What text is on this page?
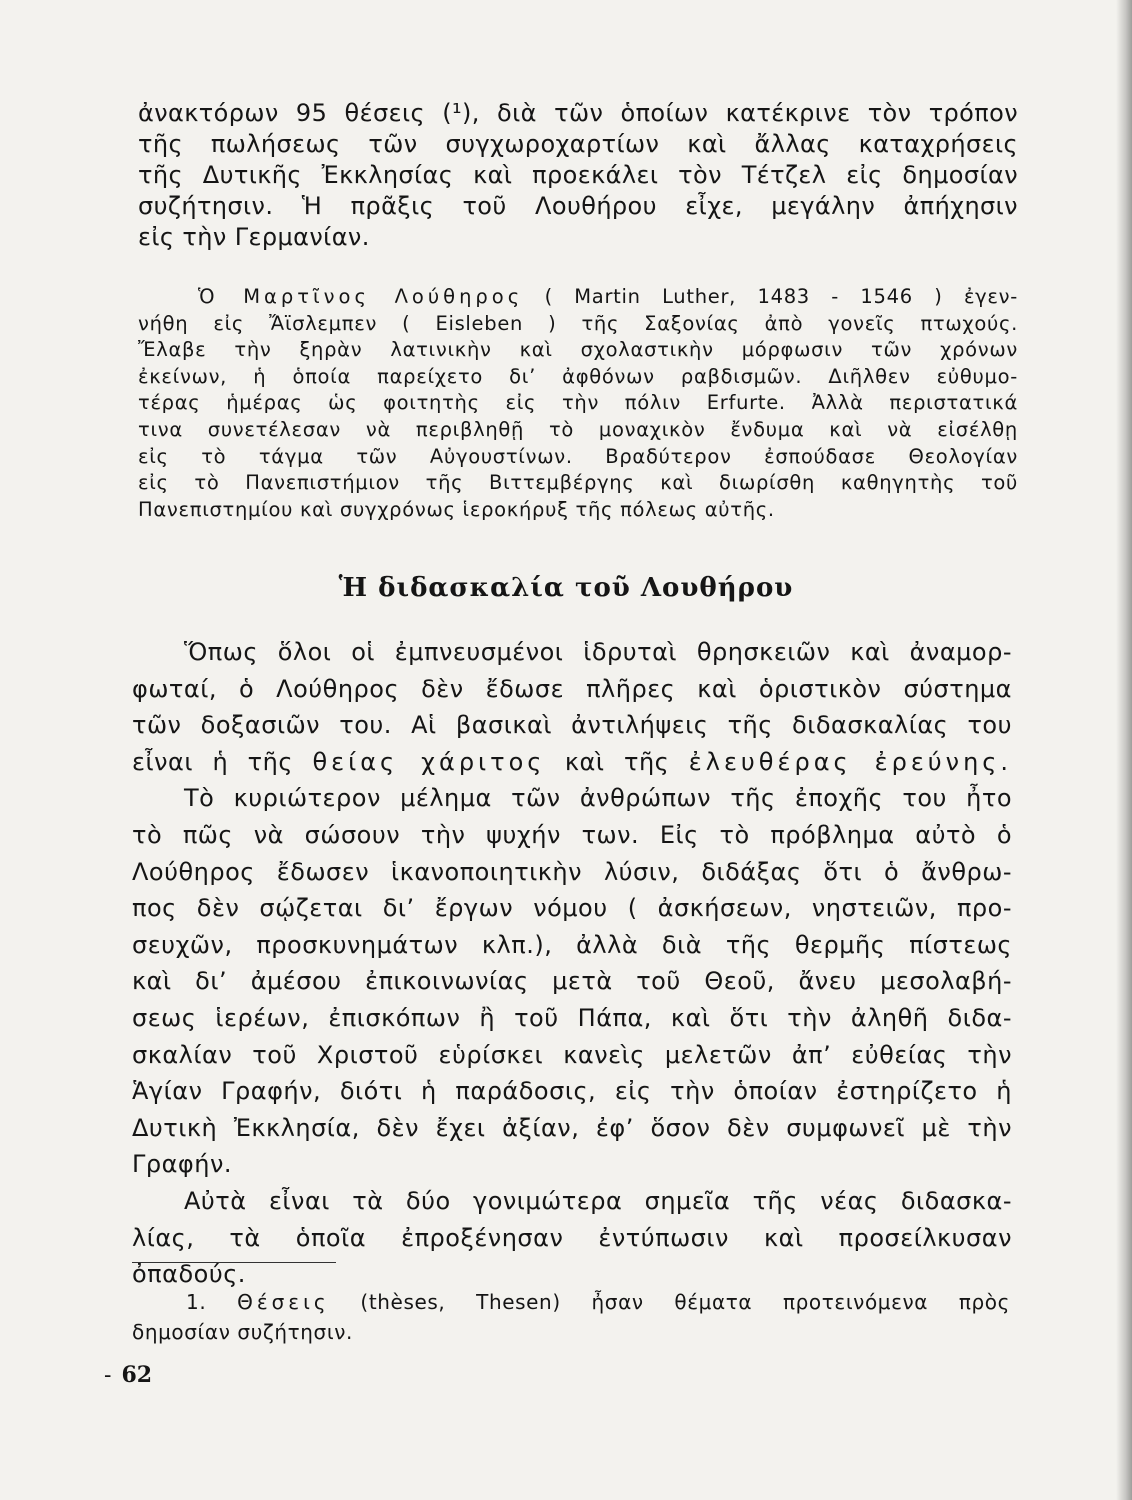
ἀνακτόρων 95 θέσεις (¹), διὰ τῶν ὁποίων κατέκρινε τὸν τρόπον
τῆς πωλήσεως τῶν συγχωροχαρτίων καὶ ἄλλας καταχρήσεις
τῆς Δυτικῆς Ἐκκλησίας καὶ προεκάλει τὸν Τέτζελ εἰς δημοσίαν
συζήτησιν. Ἡ πρᾶξις τοῦ Λουθήρου εἶχε, μεγάλην ἀπήχησιν
εἰς τὴν Γερμανίαν.
Ὁ Μαρτῖνος Λούθηρος ( Martin Luther, 1483 - 1546 ) ἐγεν-
νήθη εἰς Ἄϊσλεμπεν ( Eisleben ) τῆς Σαξονίας ἀπὸ γονεῖς πτωχούς.
Ἔλαβε τὴν ξηρὰν λατινικὴν καὶ σχολαστικὴν μόρφωσιν τῶν χρόνων
ἐκείνων, ἡ ὁποία παρείχετο δι’ ἀφθόνων ραβδισμῶν. Διῆλθεν εὐθυμο-
τέρας ἡμέρας ὡς φοιτητὴς εἰς τὴν πόλιν Erfurte. Ἀλλὰ περιστατικά
τινα συνετέλεσαν νὰ περιβληθῇ τὸ μοναχικὸν ἔνδυμα καὶ νὰ εἰσέλθῃ
εἰς τὸ τάγμα τῶν Αὐγουστίνων. Βραδύτερον ἐσπούδασε Θεολογίαν
εἰς τὸ Πανεπιστήμιον τῆς Βιττεμβέργης καὶ διωρίσθη καθηγητὴς τοῦ
Πανεπιστημίου καὶ συγχρόνως ἱεροκήρυξ τῆς πόλεως αὐτῆς.
Ἡ διδασκαλία τοῦ Λουθήρου
Ὅπως ὅλοι οἱ ἐμπνευσμένοι ἱδρυταὶ θρησκειῶν καὶ ἀναμορ-
φωταί, ὁ Λούθηρος δὲν ἔδωσε πλῆρες καὶ ὁριστικὸν σύστημα
τῶν δοξασιῶν του. Αἱ βασικαὶ ἀντιλήψεις τῆς διδασκαλίας του
εἶναι ἡ τῆς θείας χάριτος καὶ τῆς ἐλευθέρας ἐρεύνης.
Τὸ κυριώτερον μέλημα τῶν ἀνθρώπων τῆς ἐποχῆς του ἦτο
τὸ πῶς νὰ σώσουν τὴν ψυχήν των. Εἰς τὸ πρόβλημα αὐτὸ ὁ
Λούθηρος ἔδωσεν ἱκανοποιητικὴν λύσιν, διδάξας ὅτι ὁ ἄνθρω-
πος δὲν σῴζεται δι’ ἔργων νόμου ( ἀσκήσεων, νηστειῶν, προ-
σευχῶν, προσκυνημάτων κλπ.), ἀλλὰ διὰ τῆς θερμῆς πίστεως
καὶ δι’ ἀμέσου ἐπικοινωνίας μετὰ τοῦ Θεοῦ, ἄνευ μεσολαβή-
σεως ἱερέων, ἐπισκόπων ἢ τοῦ Πάπα, καὶ ὅτι τὴν ἀληθῆ διδα-
σκαλίαν τοῦ Χριστοῦ εὑρίσκει κανεὶς μελετῶν ἀπ’ εὐθείας τὴν
Ἁγίαν Γραφήν, διότι ἡ παράδοσις, εἰς τὴν ὁποίαν ἐστηρίζετο ἡ
Δυτικὴ Ἐκκλησία, δὲν ἔχει ἀξίαν, ἐφ’ ὅσον δὲν συμφωνεῖ μὲ τὴν
Γραφήν.
Αὐτὰ εἶναι τὰ δύο γονιμώτερα σημεῖα τῆς νέας διδασκα-
λίας, τὰ ὁποῖα ἐπροξένησαν ἐντύπωσιν καὶ προσείλκυσαν
ὀπαδούς.
1. Θέσεις (thèses, Thesen) ἦσαν θέματα προτεινόμενα πρὸς
δημοσίαν συζήτησιν.
- 62
